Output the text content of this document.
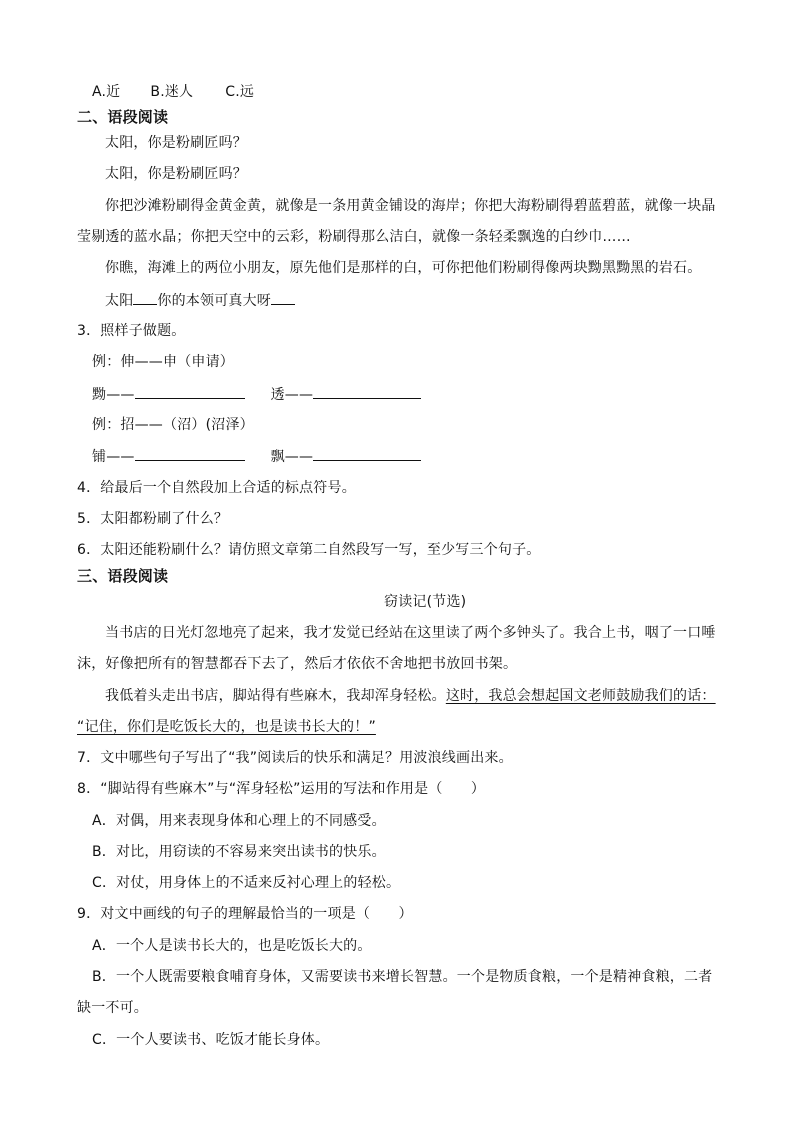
A.近 B.迷人 C.远
二、语段阅读
太阳，你是粉刷匠吗？
太阳，你是粉刷匠吗？
你把沙滩粉刷得金黄金黄，就像是一条用黄金铺设的海岸；你把大海粉刷得碧蓝碧蓝，就像一块晶
莹剔透的蓝水晶；你把天空中的云彩，粉刷得那么洁白，就像一条轻柔飘逸的白纱巾……
你瞧，海滩上的两位小朋友，原先他们是那样的白，可你把他们粉刷得像两块黝黑黝黑的岩石。
太阳 你的本领可真大呀
3．照样子做题。
例：伸——申（申请）
黝——	透——
例：招——（沼）(沼泽）
铺——	飘——
4．给最后一个自然段加上合适的标点符号。
5．太阳都粉刷了什么？
6．太阳还能粉刷什么？请仿照文章第二自然段写一写，至少写三个句子。
三、语段阅读
窃读记(节选)
当书店的日光灯忽地亮了起来，我才发觉已经站在这里读了两个多钟头了。我合上书，咽了一口唾
沫，好像把所有的智慧都吞下去了，然后才依依不舍地把书放回书架。
我低着头走出书店，脚站得有些麻木，我却浑身轻松。这时，我总会想起国文老师鼓励我们的话：
“记住，你们是吃饭长大的，也是读书长大的！”
7．文中哪些句子写出了“我”阅读后的快乐和满足？用波浪线画出来。
8．“脚站得有些麻木”与“浑身轻松”运用的写法和作用是（　　）
A．对偶，用来表现身体和心理上的不同感受。
B．对比，用窃读的不容易来突出读书的快乐。
C．对仗，用身体上的不适来反衬心理上的轻松。
9．对文中画线的句子的理解最恰当的一项是（　　）
A．一个人是读书长大的，也是吃饭长大的。
B．一个人既需要粮食哺育身体，又需要读书来增长智慧。一个是物质食粮，一个是精神食粮，二者
缺一不可。
C．一个人要读书、吃饭才能长身体。
